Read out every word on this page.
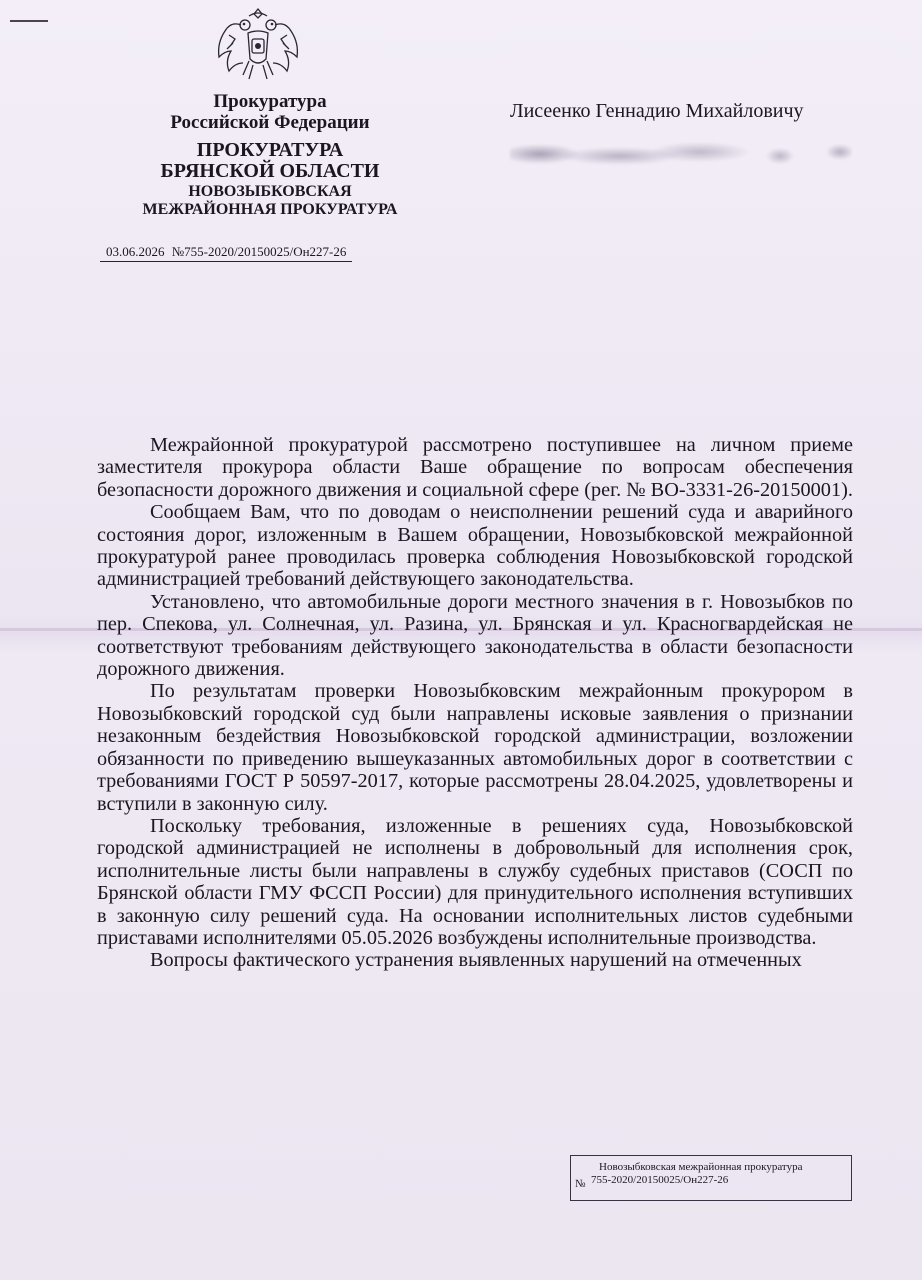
Прокуратура
Российской Федерации
ПРОКУРАТУРА
БРЯНСКОЙ ОБЛАСТИ
НОВОЗЫБКОВСКАЯ
МЕЖРАЙОННАЯ ПРОКУРАТУРА
03.06.2026 №755-2020/20150025/Он227-26
Лисеенко Геннадию Михайловичу

Межрайонной прокуратурой рассмотрено поступившее на личном приеме заместителя прокурора области Ваше обращение по вопросам обеспечения безопасности дорожного движения и социальной сфере (рег. № ВО-3331-26-20150001).

Сообщаем Вам, что по доводам о неисполнении решений суда и аварийного состояния дорог, изложенным в Вашем обращении, Новозыбковской межрайонной прокуратурой ранее проводилась проверка соблюдения Новозыбковской городской администрацией требований действующего законодательства.

Установлено, что автомобильные дороги местного значения в г. Новозыбков по пер. Спекова, ул. Солнечная, ул. Разина, ул. Брянская и ул. Красногвардейская не соответствуют требованиям действующего законодательства в области безопасности дорожного движения.

По результатам проверки Новозыбковским межрайонным прокурором в Новозыбковский городской суд были направлены исковые заявления о признании незаконным бездействия Новозыбковской городской администрации, возложении обязанности по приведению вышеуказанных автомобильных дорог в соответствии с требованиями ГОСТ Р 50597-2017, которые рассмотрены 28.04.2025, удовлетворены и вступили в законную силу.

Поскольку требования, изложенные в решениях суда, Новозыбковской городской администрацией не исполнены в добровольный для исполнения срок, исполнительные листы были направлены в службу судебных приставов (СОСП по Брянской области ГМУ ФССП России) для принудительного исполнения вступивших в законную силу решений суда. На основании исполнительных листов судебными приставами исполнителями 05.05.2026 возбуждены исполнительные производства.

Вопросы фактического устранения выявленных нарушений на отмеченных

Новозыбковская межрайонная прокуратура
№ 755-2020/20150025/Он227-26
